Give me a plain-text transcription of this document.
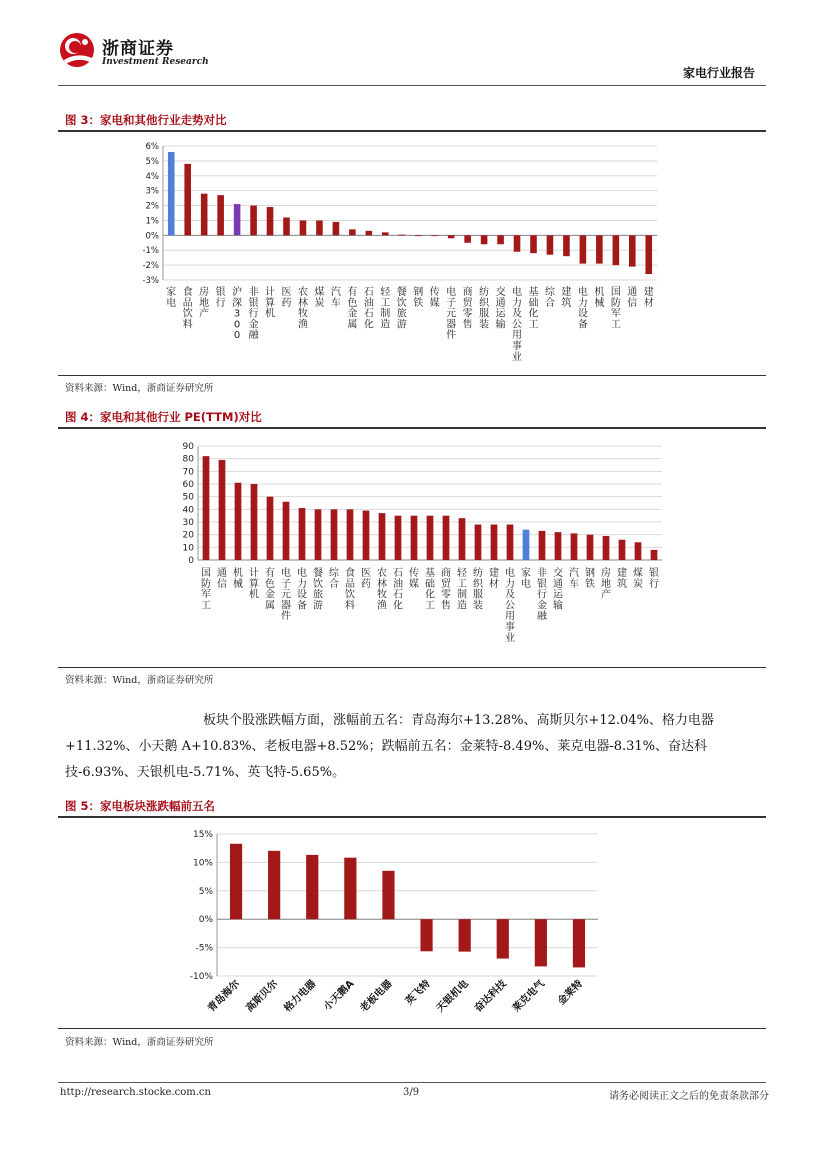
浙商证券
Investment Research
家电行业报告
图 3：家电和其他行业走势对比
6%
5%
4%
3%
2%
1%
0%
-1%
-2%
-3%
家电
食品饮料
房地产
银行
沪深 3 0 0
非银行金融
计算机
医药
农林牧渔
煤炭
汽车
有色金属
石油石化
轻工制造
餐饮旅游
钢铁
传媒
电子元器件
商贸零售
纺织服装
交通运输
电力及公用事业
基础化工
综合
建筑
电力设备
机械
国防军工
通信
建材
资料来源：Wind，浙商证券研究所
图 4：家电和其他行业 PE(TTM)对比
90
80
70
60
50
40
30
20
10
0
国防军工
通信
机械
计算机
有色金属
电子元器件
电力设备
餐饮旅游
综合
食品饮料
医药
农林牧渔
石油石化
传媒
基础化工
商贸零售
轻工制造
纺织服装
建材
电力及公用事业
家电
非银行金融
交通运输
汽车
钢铁
房地产
建筑
煤炭
银行
资料来源：Wind，浙商证券研究所

板块个股涨跌幅方面，涨幅前五名：青岛海尔+13.28%、高斯贝尔+12.04%、格力电器+11.32%、小天鹅 A+10.83%、老板电器+8.52%；跌幅前五名：金莱特-8.49%、莱克电器-8.31%、奋达科技-6.93%、天银机电-5.71%、英飞特-5.65%。

图 5：家电板块涨跌幅前五名
15%
10%
5%
0%
-5%
-10%
青岛海尔 高斯贝尔 格力电器 小天鹅A 老板电器 英飞特 天银机电 奋达科技 莱克电气 金莱特
资料来源：Wind，浙商证券研究所
http://research.stocke.com.cn	3/9	请务必阅读正文之后的免责条款部分
